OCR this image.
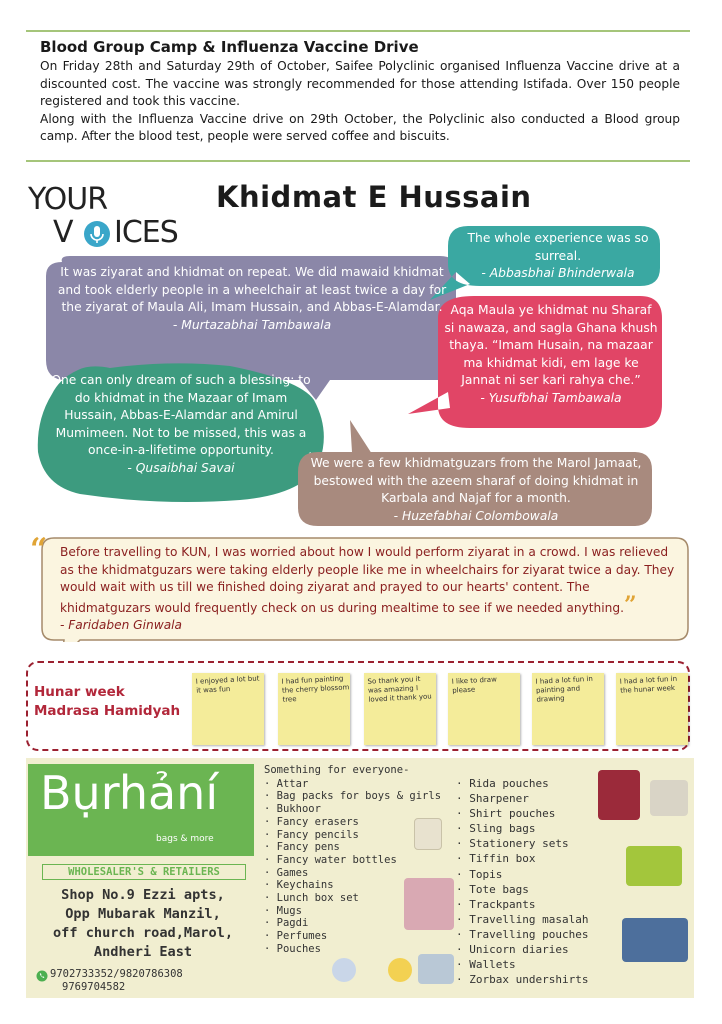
Blood Group Camp & Influenza Vaccine Drive

On Friday 28th and Saturday 29th of October, Saifee Polyclinic organised Influenza Vaccine drive at a discounted cost. The vaccine was strongly recommended for those attending Istifada. Over 150 people registered and took this vaccine.

Along with the Influenza Vaccine drive on 29th October, the Polyclinic also conducted a Blood group camp. After the blood test, people were served coffee and biscuits.

YOUR
V ICES
Khidmat E Hussain
It was ziyarat and khidmat on repeat. We did mawaid khidmat and took elderly people in a wheelchair at least twice a day for the ziyarat of Maula Ali, Imam Hussain, and Abbas-E-Alamdar.
- Murtazabhai Tambawala
The whole experience was so surreal.
- Abbasbhai Bhinderwala
Aqa Maula ye khidmat nu Sharaf si nawaza, and sagla Ghana khush thaya. “Imam Husain, na mazaar ma khidmat kidi, em lage ke Jannat ni ser kari rahya che.”
- Yusufbhai Tambawala
One can only dream of such a blessing: to do khidmat in the Mazaar of Imam Hussain, Abbas-E-Alamdar and Amirul Mumimeen. Not to be missed, this was a once-in-a-lifetime opportunity.
- Qusaibhai Savai	We were a few khidmatguzars from the Marol Jamaat, bestowed with the azeem sharaf of doing khidmat in Karbala and Najaf for a month.
- Huzefabhai Colombowala
“ Before travelling to KUN, I was worried about how I would perform ziyarat in a crowd. I was relieved as the khidmatguzars were taking elderly people like me in wheelchairs for ziyarat twice a day. They would wait with us till we finished doing ziyarat and prayed to our hearts' content. The khidmatguzars would frequently check on us during mealtime to see if we needed anything.”
- Faridaben Ginwala
Hunar week
Madrasa Hamidyah
I enjoyed a lot but it was fun
I had fun painting the cherry blossom tree
So thank you it was amazing I loved it thank you
I like to draw please
I had a lot fun in painting and drawing
I had a lot fun in the hunar week
Bụrhảní
bags & more
WHOLESALER'S & RETAILERS
Shop No.9 Ezzi apts,
Opp Mubarak Manzil,
off church road,Marol,
Andheri East
9702733352/9820786308
9769704582
Something for everyone-
· Attar
· Bag packs for boys & girls
· Bukhoor
· Fancy erasers
· Fancy pencils
· Fancy pens
· Fancy water bottles
· Games
· Keychains
· Lunch box set
· Mugs
· Pagdi
· Perfumes
· Pouches
· Rida pouches
· Sharpener
· Shirt pouches
· Sling bags
· Stationery sets
· Tiffin box
· Topis
· Tote bags
· Trackpants
· Travelling masalah
· Travelling pouches
· Unicorn diaries
· Wallets
· Zorbax undershirts
